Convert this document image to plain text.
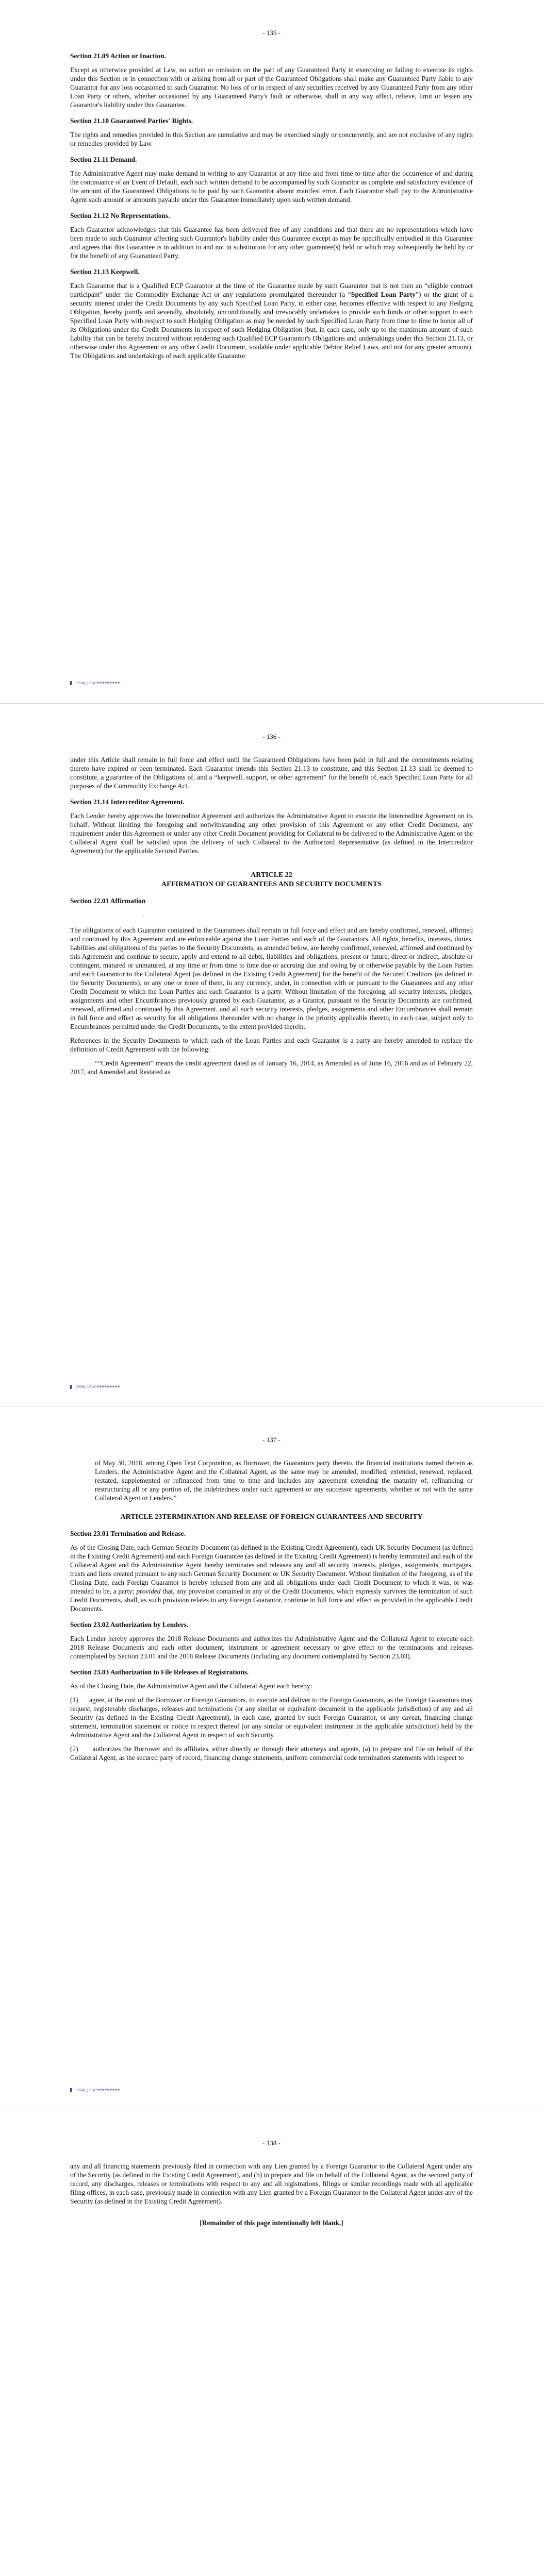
- 135 -
Section 21.09 Action or Inaction.

Except as otherwise provided at Law, no action or omission on the part of any Guaranteed Party in exercising or failing to exercise its rights under this Section or in connection with or arising from all or part of the Guaranteed Obligations shall make any Guaranteed Party liable to any Guarantor for any loss occasioned to such Guarantor. No loss of or in respect of any securities received by any Guaranteed Party from any other Loan Party or others, whether occasioned by any Guaranteed Party's fault or otherwise, shall in any way affect, relieve, limit or lessen any Guarantor's liability under this Guarantee.

Section 21.10 Guaranteed Parties' Rights.

The rights and remedies provided in this Section are cumulative and may be exercised singly or concurrently, and are not exclusive of any rights or remedies provided by Law.

Section 21.11 Demand.

The Administrative Agent may make demand in writing to any Guarantor at any time and from time to time after the occurrence of and during the continuance of an Event of Default, each such written demand to be accompanied by such Guarantor as complete and satisfactory evidence of the amount of the Guaranteed Obligations to be paid by such Guarantor absent manifest error. Each Guarantor shall pay to the Administrative Agent such amount or amounts payable under this Guarantee immediately upon such written demand.

Section 21.12 No Representations.

Each Guarantor acknowledges that this Guarantee has been delivered free of any conditions and that there are no representations which have been made to such Guarantor affecting such Guarantor's liability under this Guarantee except as may be specifically embodied in this Guarantee and agrees that this Guarantee is in addition to and not in substitution for any other guarantee(s) held or which may subsequently be held by or for the benefit of any Guaranteed Party.

Section 21.13 Keepwell.

Each Guarantor that is a Qualified ECP Guarantor at the time of the Guarantee made by such Guarantor that is not then an “eligible contract participant” under the Commodity Exchange Act or any regulations promulgated thereunder (a “Specified Loan Party”) or the grant of a security interest under the Credit Documents by any such Specified Loan Party, in either case, becomes effective with respect to any Hedging Obligation, hereby jointly and severally, absolutely, unconditionally and irrevocably undertakes to provide such funds or other support to each Specified Loan Party with respect to such Hedging Obligation as may be needed by such Specified Loan Party from time to time to honor all of its Obligations under the Credit Documents in respect of such Hedging Obligation (but, in each case, only up to the maximum amount of such liability that can be hereby incurred without rendering such Qualified ECP Guarantor's Obligations and undertakings under this Section 21.13, or otherwise under this Agreement or any other Credit Document, voidable under applicable Debtor Relief Laws, and not for any greater amount). The Obligations and undertakings of each applicable Guarantor

LEGAL_US\W #########
- 136 -

under this Article shall remain in full force and effect until the Guaranteed Obligations have been paid in full and the commitments relating thereto have expired or been terminated. Each Guarantor intends this Section 21.13 to constitute, and this Section 21.13 shall be deemed to constitute, a guarantee of the Obligations of, and a “keepwell, support, or other agreement” for the benefit of, each Specified Loan Party for all purposes of the Commodity Exchange Act.

Section 21.14 Intercreditor Agreement.

Each Lender hereby approves the Intercreditor Agreement and authorizes the Administrative Agent to execute the Intercreditor Agreement on its behalf. Without limiting the foregoing and notwithstanding any other provision of this Agreement or any other Credit Document, any requirement under this Agreement or under any other Credit Document providing for Collateral to be delivered to the Administrative Agent or the Collateral Agent shall be satisfied upon the delivery of such Collateral to the Authorized Representative (as defined in the Intercreditor Agreement) for the applicable Secured Parties.

ARTICLE 22
AFFIRMATION OF GUARANTEES AND SECURITY DOCUMENTS
Section 22.01 Affirmation
.

The obligations of each Guarantor contained in the Guarantees shall remain in full force and effect and are hereby confirmed, renewed, affirmed and continued by this Agreement and are enforceable against the Loan Parties and each of the Guarantors. All rights, benefits, interests, duties, liabilities and obligations of the parties to the Security Documents, as amended below, are hereby confirmed, renewed, affirmed and continued by this Agreement and continue to secure, apply and extend to all debts, liabilities and obligations, present or future, direct or indirect, absolute or contingent, matured or unmatured, at any time or from time to time due or accruing due and owing by or otherwise payable by the Loan Parties and each Guarantor to the Collateral Agent (as defined in the Existing Credit Agreement) for the benefit of the Secured Creditors (as defined in the Security Documents), or any one or more of them, in any currency, under, in connection with or pursuant to the Guarantees and any other Credit Document to which the Loan Parties and each Guarantor is a party. Without limitation of the foregoing, all security interests, pledges, assignments and other Encumbrances previously granted by each Guarantor, as a Grantor, pursuant to the Security Documents are confirmed, renewed, affirmed and continued by this Agreement, and all such security interests, pledges, assignments and other Encumbrances shall remain in full force and effect as security for all obligations thereunder with no change in the priority applicable thereto, in each case, subject only to Encumbrances permitted under the Credit Documents, to the extent provided therein.

References in the Security Documents to which each of the Loan Parties and each Guarantor is a party are hereby amended to replace the definition of Credit Agreement with the following:

““Credit Agreement” means the credit agreement dated as of January 16, 2014, as Amended as of June 16, 2016 and as of February 22, 2017, and Amended and Restated as

LEGAL_US\W #########
- 137 -

of May 30, 2018, among Open Text Corporation, as Borrower, the Guarantors party thereto, the financial institutions named therein as Lenders, the Administrative Agent and the Collateral Agent, as the same may be amended, modified, extended, renewed, replaced, restated, supplemented or refinanced from time to time and includes any agreement extending the maturity of, refinancing or restructuring all or any portion of, the indebtedness under such agreement or any successor agreements, whether or not with the same Collateral Agent or Lenders.”

ARTICLE 23TERMINATION AND RELEASE OF FOREIGN GUARANTEES AND SECURITY
Section 23.01 Termination and Release.

As of the Closing Date, each German Security Document (as defined in the Existing Credit Agreement), each UK Security Document (as defined in the Existing Credit Agreement) and each Foreign Guarantee (as defined in the Existing Credit Agreement) is hereby terminated and each of the Collateral Agent and the Administrative Agent hereby terminates and releases any and all security interests, pledges, assignments, mortgages, trusts and liens created pursuant to any such German Security Document or UK Security Document. Without limitation of the foregoing, as of the Closing Date, each Foreign Guarantor is hereby released from any and all obligations under each Credit Document to which it was, or was intended to be, a party; provided that, any provision contained in any of the Credit Documents, which expressly survives the termination of such Credit Documents, shall, as such provision relates to any Foreign Guarantor, continue in full force and effect as provided in the applicable Credit Documents.

Section 23.02 Authorization by Lenders.

Each Lender hereby approves the 2018 Release Documents and authorizes the Administrative Agent and the Collateral Agent to execute each 2018 Release Documents and each other document, instrument or agreement necessary to give effect to the terminations and releases contemplated by Section 23.01 and the 2018 Release Documents (including any document contemplated by Section 23.03).

Section 23.03 Authorization to File Releases of Registrations.

As of the Closing Date, the Administrative Agent and the Collateral Agent each hereby:

(1)      agree, at the cost of the Borrower or Foreign Guarantors, to execute and deliver to the Foreign Guarantors, as the Foreign Guarantors may request, registerable discharges, releases and terminations (or any similar or equivalent document in the applicable jurisdiction) of any and all Security (as defined in the Existing Credit Agreement), in each case, granted by such Foreign Guarantor, or any caveat, financing change statement, termination statement or notice in respect thereof (or any similar or equivalent instrument in the applicable jurisdiction) held by the Administrative Agent and the Collateral Agent in respect of such Security.

(2)      authorizes the Borrower and its affiliates, either directly or through their attorneys and agents, (a) to prepare and file on behalf of the Collateral Agent, as the secured party of record, financing change statements, uniform commercial code termination statements with respect to

LEGAL_US\W #########
- 138 -

any and all financing statements previously filed in connection with any Lien granted by a Foreign Guarantor to the Collateral Agent under any of the Security (as defined in the Existing Credit Agreement), and (b) to prepare and file on behalf of the Collateral Agent, as the secured party of record, any discharges, releases or terminations with respect to any and all registrations, filings or similar recordings made with all applicable filing offices, in each case, previously made in connection with any Lien granted by a Foreign Guarantor to the Collateral Agent under any of the Security (as defined in the Existing Credit Agreement).

[Remainder of this page intentionally left blank.]
